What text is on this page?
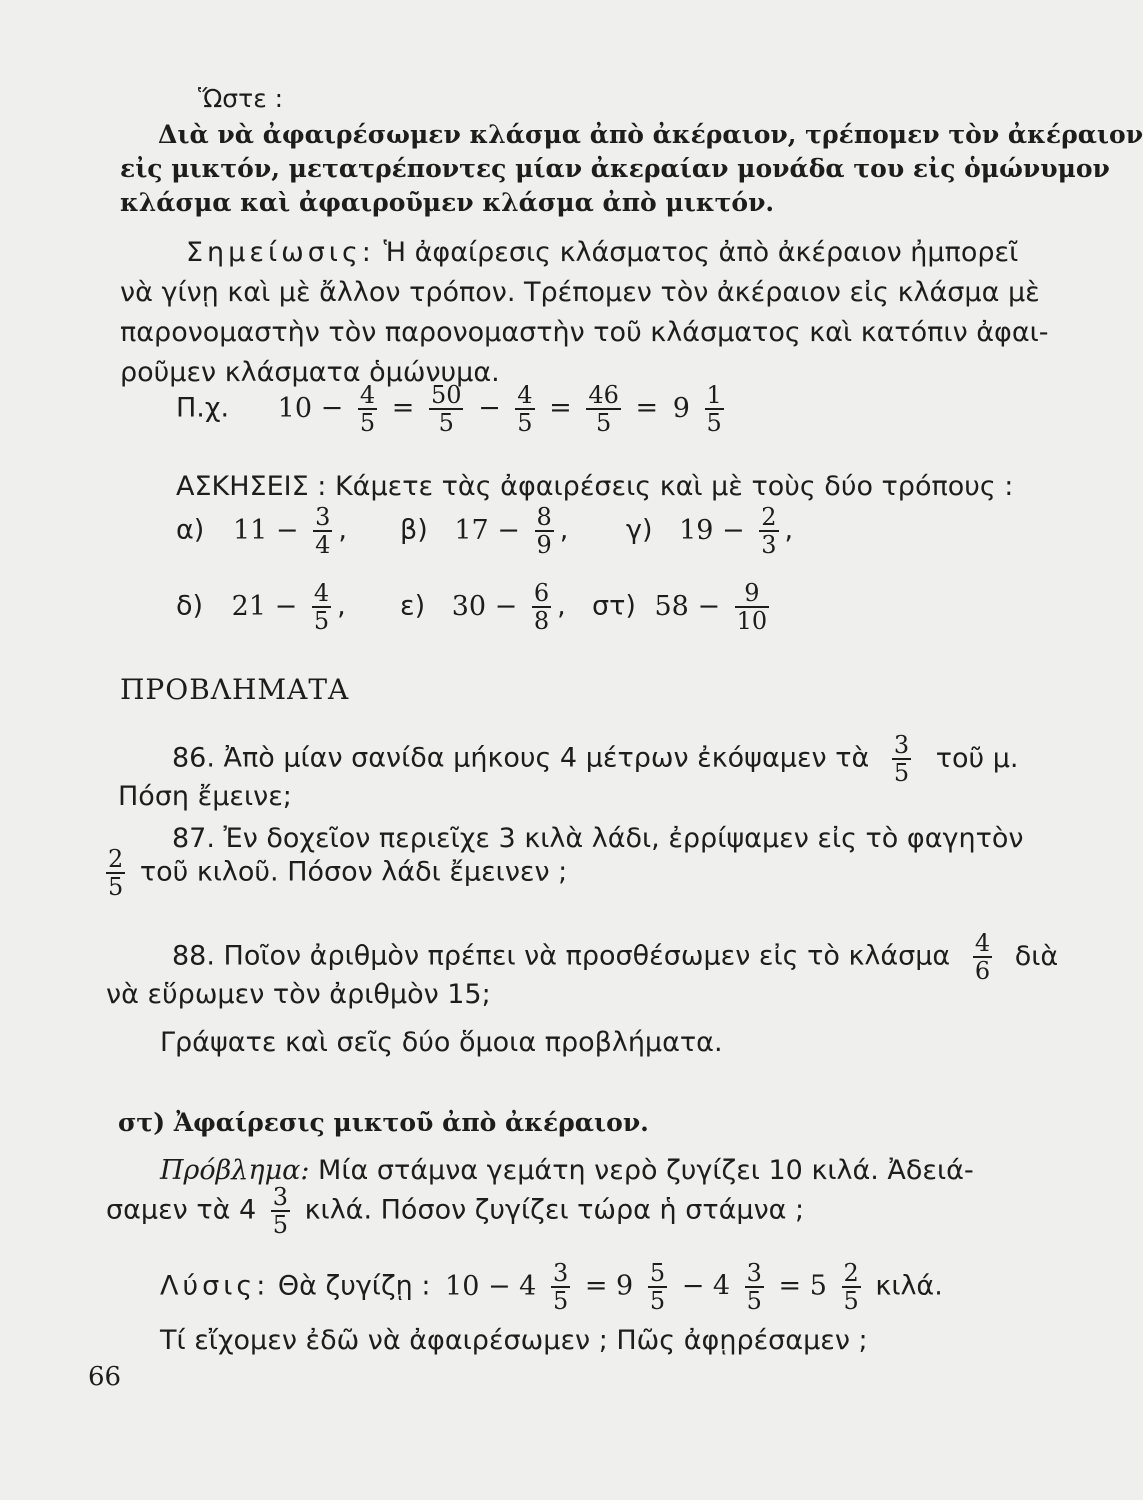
Ὥστε :
Διὰ νὰ ἀφαιρέσωμεν κλάσμα ἀπὸ ἀκέραιον, τρέπομεν τὸν ἀκέραιον
εἰς μικτόν, μετατρέποντες μίαν ἀκεραίαν μονάδα του εἰς ὁμώνυμον
κλάσμα καὶ ἀφαιροῦμεν κλάσμα ἀπὸ μικτόν.
Σημείωσις: Ἡ ἀφαίρεσις κλάσματος ἀπὸ ἀκέραιον ἠμπορεῖ
νὰ γίνῃ καὶ μὲ ἄλλον τρόπον. Τρέπομεν τὸν ἀκέραιον εἰς κλάσμα μὲ
παρονομαστὴν τὸν παρονομαστὴν τοῦ κλάσματος καὶ κατόπιν ἀφαι-
ροῦμεν κλάσματα ὁμώνυμα.
Π.χ. $10 - \frac{4}{5} = \frac{50}{5} - \frac{4}{5} = \frac{46}{5} = 9 \frac{1}{5}$
ΑΣΚΗΣΕΙΣ : Κάμετε τὰς ἀφαιρέσεις καὶ μὲ τοὺς δύο τρόπους :
α) $11 - \frac{3}{4}$ , β) $17 - \frac{8}{9}$ , γ) $19 - \frac{2}{3}$ ,
δ) $21 - \frac{4}{5}$ , ε) $30 - \frac{6}{8}$ , στ) $58 - \frac{9}{10}$
ΠΡΟΒΛΗΜΑΤΑ
86. Ἀπὸ μίαν σανίδα μήκους 4 μέτρων ἐκόψαμεν τὰ $\frac{3}{5}$ τοῦ μ.
Πόση ἔμεινε;
87. Ἐν δοχεῖον περιεῖχε 3 κιλὰ λάδι, ἐρρίψαμεν εἰς τὸ φαγητὸν
$\frac{2}{5}$ τοῦ κιλοῦ. Πόσον λάδι ἔμεινεν ;
88. Ποῖον ἀριθμὸν πρέπει νὰ προσθέσωμεν εἰς τὸ κλάσμα $\frac{4}{6}$ διὰ
νὰ εὕρωμεν τὸν ἀριθμὸν 15;
Γράψατε καὶ σεῖς δύο ὅμοια προβλήματα.
στ) Ἀφαίρεσις μικτοῦ ἀπὸ ἀκέραιον.
Πρόβλημα: Μία στάμνα γεμάτη νερὸ ζυγίζει 10 κιλά. Ἀδειά-
σαμεν τὰ $4 \frac{3}{5} \kappa\iota\lambda ά$. Πόσον ζυγίζει τώρα ἡ στάμνα ;
Λύσις: Θὰ ζυγίζῃ : $10 - 4 \frac{3}{5} = 9 \frac{5}{5} - 4 \frac{3}{5} = 5 \frac{2}{5} \kappa\iota\lambda ά$.
Τί εἴχομεν ἐδῶ νὰ ἀφαιρέσωμεν ; Πῶς ἀφῃρέσαμεν ;
66
